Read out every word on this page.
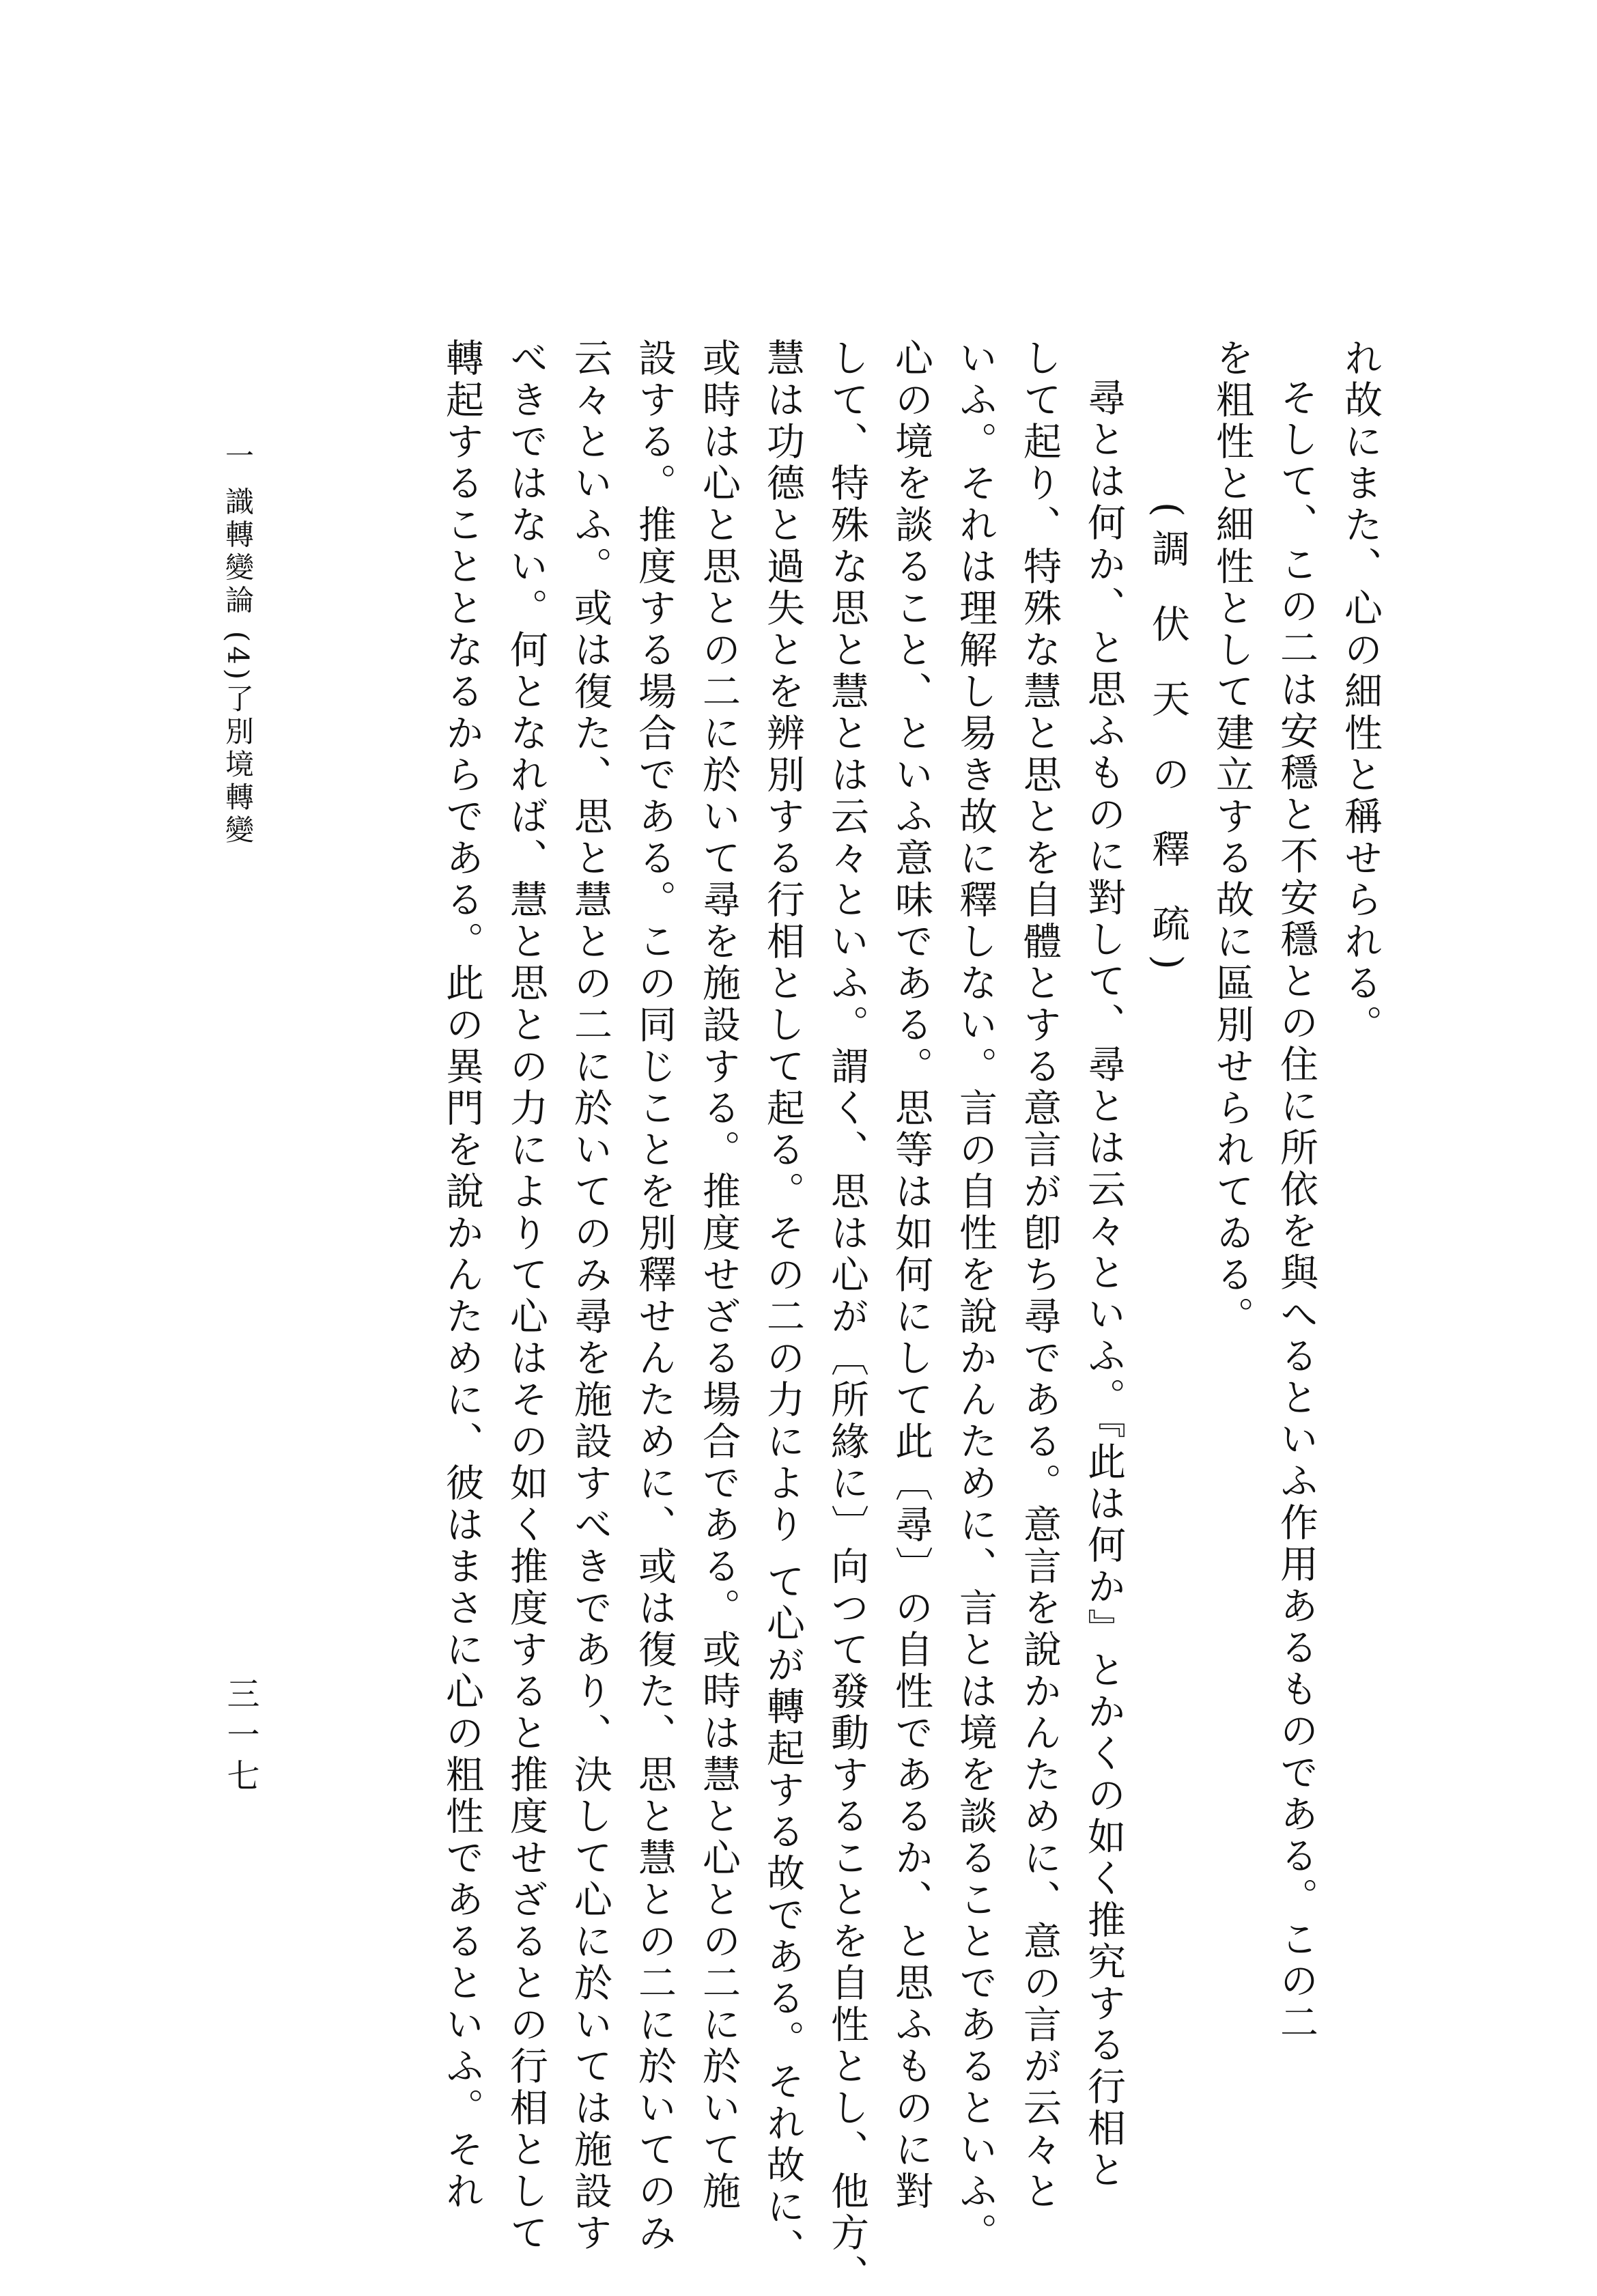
れ故にまた、心の細性と稱せられる。
そして、この二は安穩と不安穩との住に所依を與へるといふ作用あるものである。この二
を粗性と細性として建立する故に區別せられてゐる。
(調 伏 天 の 釋 疏)
尋とは何か、と思ふものに對して、尋とは云々といふ。『此は何か』とかくの如く推究する行相と
して起り、特殊な慧と思とを自體とする意言が卽ち尋である。意言を說かんために、意の言が云々と
いふ。それは理解し易き故に釋しない。言の自性を說かんために、言とは境を談ることであるといふ。
心の境を談ること、といふ意味である。思等は如何にして此〔尋〕の自性であるか、と思ふものに對
して、特殊な思と慧とは云々といふ。謂く、思は心が〔所緣に〕向つて發動することを自性とし、他方、
慧は功德と過失とを辨別する行相として起る。その二の力により て心が轉起する故である。それ故に、
或時は心と思との二に於いて尋を施設する。推度せざる場合である。或時は慧と心との二に於いて施
設する。推度する場合である。この同じことを別釋せんために、或は復た、思と慧との二に於いてのみ
云々といふ。或は復た、思と慧との二に於いてのみ尋を施設すべきであり、決して心に於いては施設す
べきではない。何となれば、慧と思との力によりて心はその如く推度すると推度せざるとの行相として
轉起することとなるからである。此の異門を說かんために、彼はまさに心の粗性であるといふ。それ
一 識轉變論 (4)了別境轉變
三一七
